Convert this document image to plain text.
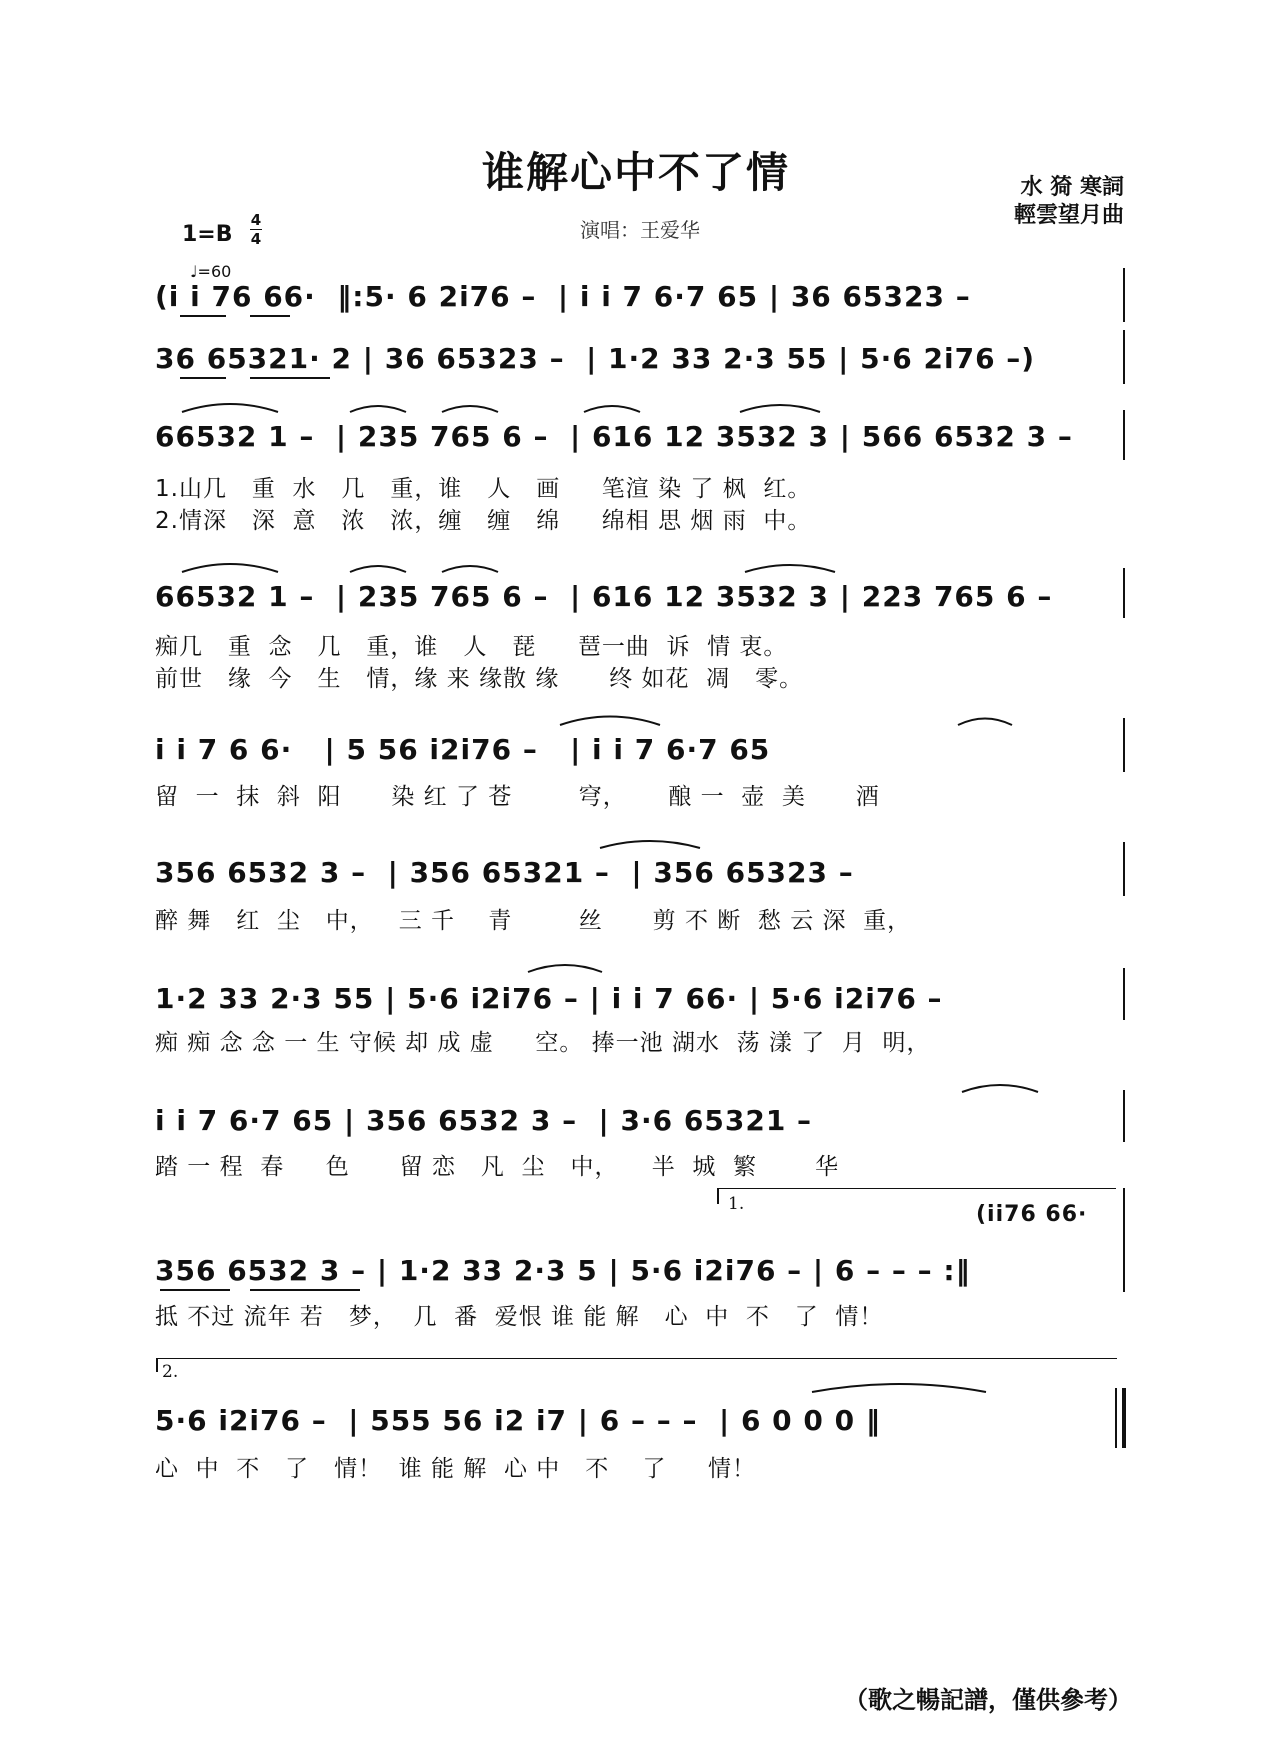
谁解心中不了情	水 猗 寒詞
輕雲望月曲
演唱：王爱华
1=B
4
4
♩=60
(i i 76 66·  ‖:5· 6 2i76 –  | i i 7 6·7 65 | 36 65323 –
36 65321· 2 | 36 65323 –  | 1·2 33 2·3 55 | 5·6 2i76 –)
66532 1 –  | 235 765 6 –  | 616 12 3532 3 | 566 6532 3 –
1.山几   重  水   几   重，谁   人   画     笔渲 染 了 枫  红。
2.情深   深  意   浓   浓，缠   缠   绵     绵相 思 烟 雨  中。
66532 1 –  | 235 765 6 –  | 616 12 3532 3 | 223 765 6 –
痴几   重  念   几   重，谁   人   琵     琶一曲  诉  情 衷。
前世   缘  今   生   情，缘 来 缘散 缘      终 如花  凋   零。
i i 7 6 6·   | 5 56 i2i76 –   | i i 7 6·7 65
留  一  抹  斜  阳      染 红 了 苍        穹，     酿 一  壶  美      酒
356 6532 3 –  | 356 65321 –  | 356 65323 –
醉 舞   红  尘   中，   三 千    青        丝      剪 不 断  愁 云 深  重，
1·2 33 2·3 55 | 5·6 i2i76 – | i i 7 66· | 5·6 i2i76 –
痴 痴 念 念 一 生 守候 却 成 虚     空。 捧一池 湖水  荡 漾 了  月  明，
i i 7 6·7 65 | 356 6532 3 –  | 3·6 65321 –
踏 一 程  春     色      留 恋   凡  尘   中，    半  城  繁       华
1.	(ii76 66·
356 6532 3 – | 1·2 33 2·3 5 | 5·6 i2i76 – | 6 – – – :‖
抵 不过 流年 若   梦，  几  番  爱恨 谁 能 解   心  中  不   了  情！
2.
5·6 i2i76 –  | 555 56 i2 i7 | 6 – – –  | 6 0 0 0 ‖
心  中  不   了   情！  谁 能 解  心 中   不    了     情！
（歌之暢記譜，僅供參考）
